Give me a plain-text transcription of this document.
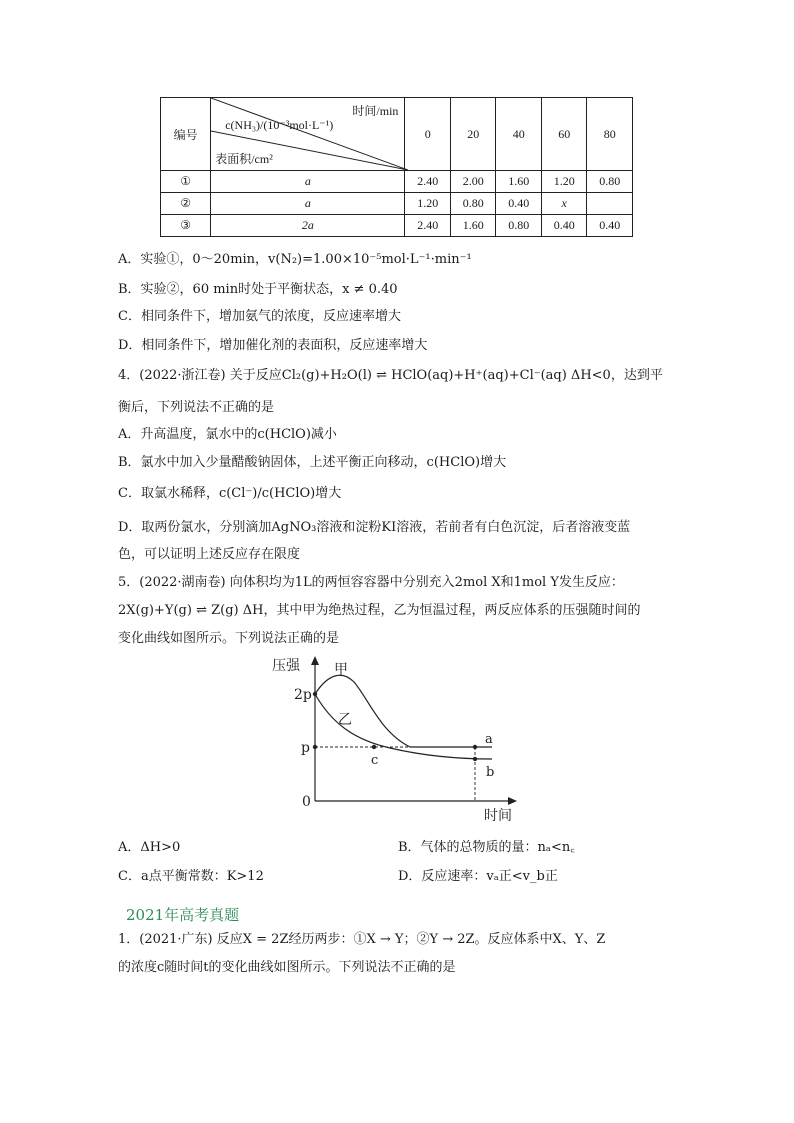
编号	时间/min
c(NH₃)/(10⁻³mol·L⁻¹)
表面积/cm²	0	20	40	60	80
①	a	2.40	2.00	1.60	1.20	0.80
②	a	1.20	0.80	0.40	x	
③	2a	2.40	1.60	0.80	0.40	0.40
A．实验①，0～20min，v(N₂)=1.00×10⁻⁵mol·L⁻¹·min⁻¹
B．实验②，60 min时处于平衡状态，x ≠ 0.40
C．相同条件下，增加氨气的浓度，反应速率增大
D．相同条件下，增加催化剂的表面积，反应速率增大
4．(2022·浙江卷) 关于反应Cl₂(g)+H₂O(l) ⇌ HClO(aq)+H⁺(aq)+Cl⁻(aq) ΔH<0，达到平
衡后，下列说法不正确的是
A．升高温度，氯水中的c(HClO)减小
B．氯水中加入少量醋酸钠固体，上述平衡正向移动，c(HClO)增大
C．取氯水稀释，c(Cl⁻)/c(HClO)增大
D．取两份氯水，分别滴加AgNO₃溶液和淀粉KI溶液，若前者有白色沉淀，后者溶液变蓝
色，可以证明上述反应存在限度
5．(2022·湖南卷) 向体积均为1L的两恒容容器中分别充入2mol X和1mol Y发生反应：
2X(g)+Y(g) ⇌ Z(g) ΔH，其中甲为绝热过程，乙为恒温过程，两反应体系的压强随时间的
变化曲线如图所示。下列说法正确的是
压强
时间
2p
p
0
甲
乙
a
b
c
A．ΔH>0	B．气体的总物质的量：nₐ<n꜀
C．a点平衡常数：K>12	D．反应速率：vₐ正<v_b正
2021年高考真题
1．(2021·广东) 反应X = 2Z经历两步：①X → Y；②Y → 2Z。反应体系中X、Y、Z
的浓度c随时间t的变化曲线如图所示。下列说法不正确的是
